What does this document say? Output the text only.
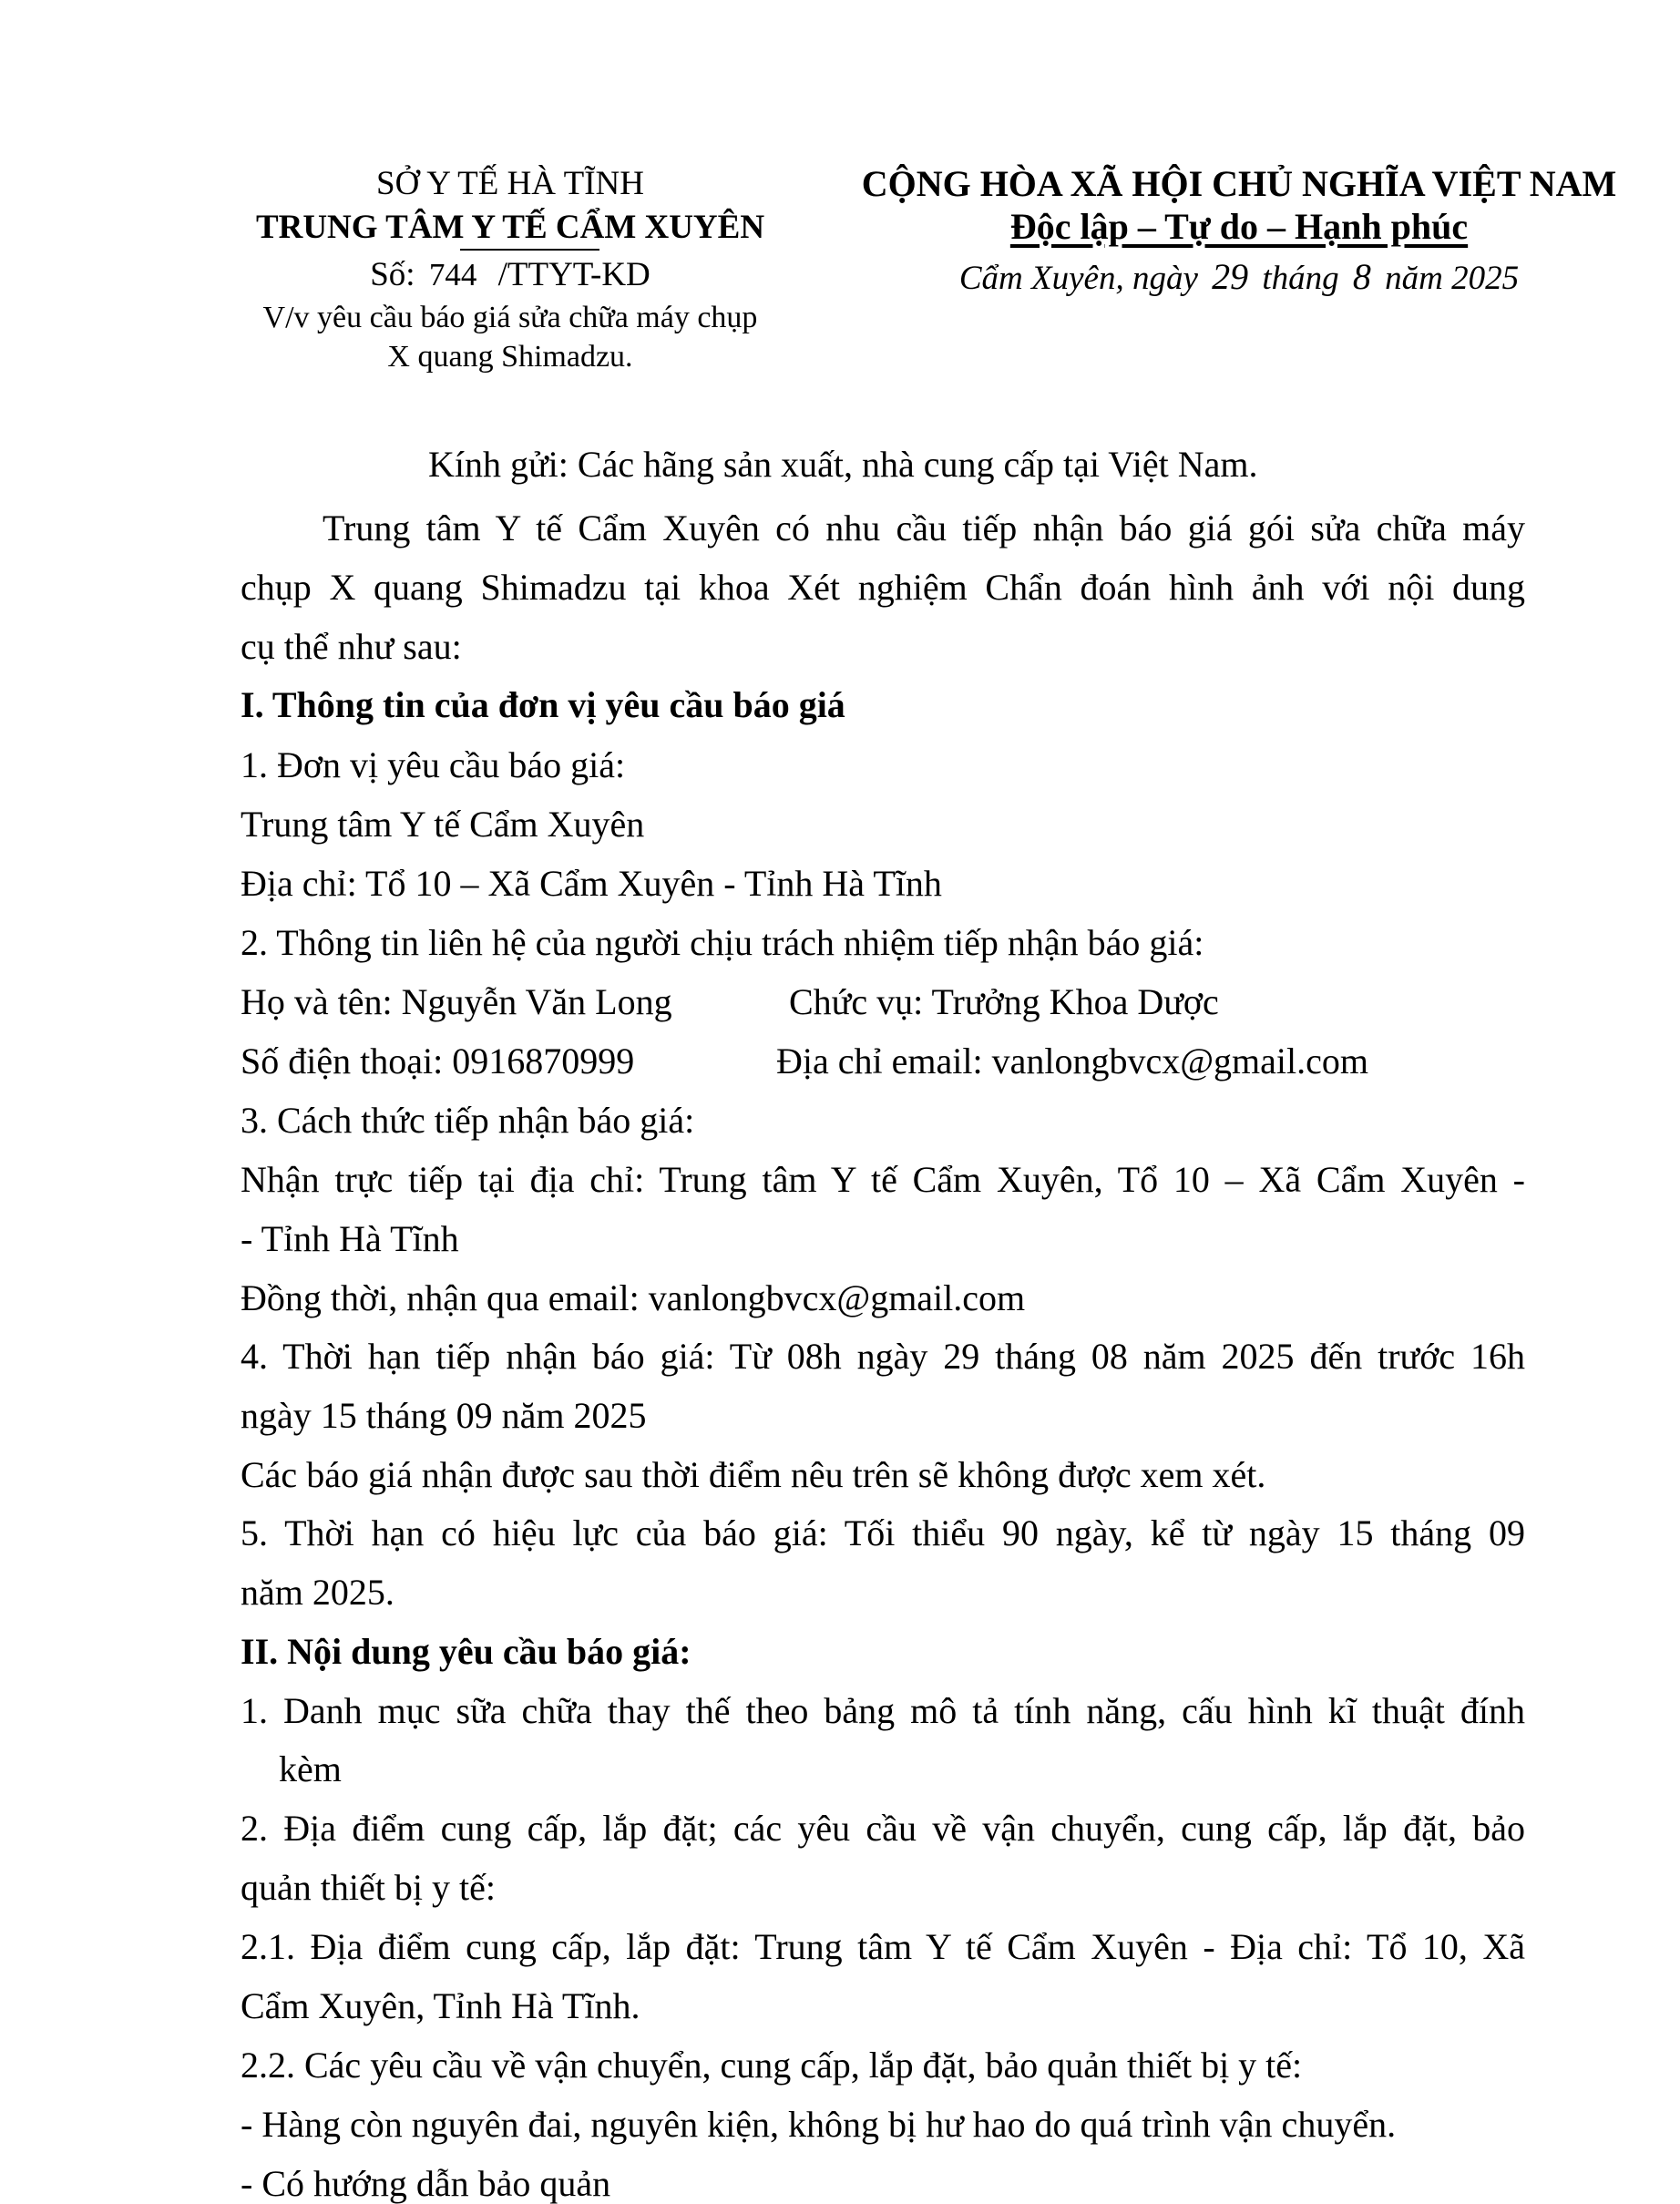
SỞ Y TẾ HÀ TĨNH
TRUNG TÂM Y TẾ CẨM XUYÊN
Số: 744 /TTYT-KD
V/v yêu cầu báo giá sửa chữa máy chụp
X quang Shimadzu.
CỘNG HÒA XÃ HỘI CHỦ NGHĨA VIỆT NAM
Độc lập – Tự do – Hạnh phúc
Cẩm Xuyên, ngày 29 tháng 8 năm 2025
Kính gửi: Các hãng sản xuất, nhà cung cấp tại Việt Nam.
Trung tâm Y tế Cẩm Xuyên có nhu cầu tiếp nhận báo giá gói sửa chữa máy
chụp X quang Shimadzu tại khoa Xét nghiệm Chẩn đoán hình ảnh với nội dung
cụ thể như sau:
I. Thông tin của đơn vị yêu cầu báo giá
1. Đơn vị yêu cầu báo giá:
Trung tâm Y tế Cẩm Xuyên
Địa chỉ: Tổ 10 – Xã Cẩm Xuyên - Tỉnh Hà Tĩnh
2. Thông tin liên hệ của người chịu trách nhiệm tiếp nhận báo giá:
Họ và tên: Nguyễn Văn Long	Chức vụ: Trưởng Khoa Dược
Số điện thoại: 0916870999	Địa chỉ email: vanlongbvcx@gmail.com
3. Cách thức tiếp nhận báo giá:
Nhận trực tiếp tại địa chỉ: Trung tâm Y tế Cẩm Xuyên, Tổ 10 – Xã Cẩm Xuyên -
- Tỉnh Hà Tĩnh
Đồng thời, nhận qua email: vanlongbvcx@gmail.com
4. Thời hạn tiếp nhận báo giá: Từ 08h ngày 29 tháng 08 năm 2025 đến trước 16h
ngày 15 tháng 09 năm 2025
Các báo giá nhận được sau thời điểm nêu trên sẽ không được xem xét.
5. Thời hạn có hiệu lực của báo giá: Tối thiểu 90 ngày, kể từ ngày 15 tháng 09
năm 2025.
II. Nội dung yêu cầu báo giá:
1. Danh mục sữa chữa thay thế theo bảng mô tả tính năng, cấu hình kĩ thuật đính
kèm
2. Địa điểm cung cấp, lắp đặt; các yêu cầu về vận chuyển, cung cấp, lắp đặt, bảo
quản thiết bị y tế:
2.1. Địa điểm cung cấp, lắp đặt: Trung tâm Y tế Cẩm Xuyên - Địa chỉ: Tổ 10, Xã
Cẩm Xuyên, Tỉnh Hà Tĩnh.
2.2. Các yêu cầu về vận chuyển, cung cấp, lắp đặt, bảo quản thiết bị y tế:
- Hàng còn nguyên đai, nguyên kiện, không bị hư hao do quá trình vận chuyển.
- Có hướng dẫn bảo quản
